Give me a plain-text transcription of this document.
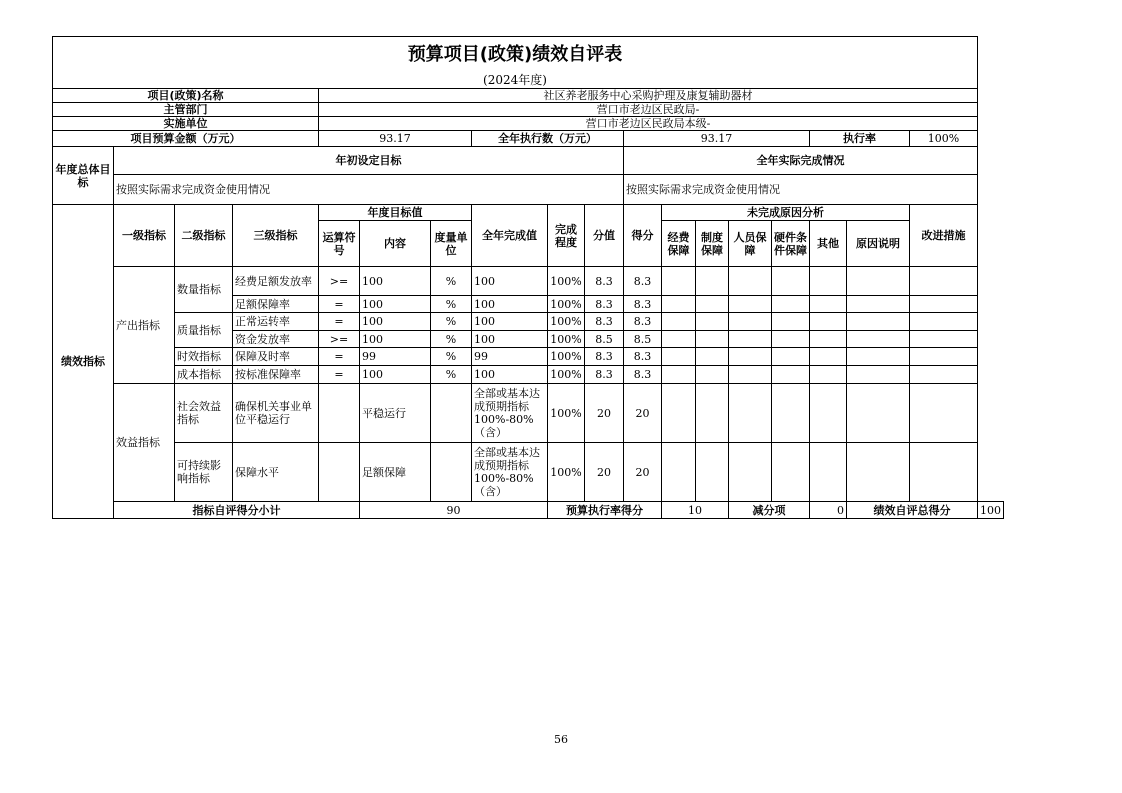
预算项目(政策)绩效自评表																		
(2024年度)																		
项目(政策)名称				社区养老服务中心采购护理及康复辅助器材														
主管部门				营口市老边区民政局-														
实施单位				营口市老边区民政局本级-														
项目预算金额（万元）				93.17			全年执行数（万元）			93.17					执行率		100%	
年度总体目标	年初设定目标									全年实际完成情况								
	按照实际需求完成资金使用情况									按照实际需求完成资金使用情况								
绩效指标	一级指标	二级指标	三级指标	年度目标值			全年完成值	完成程度	分值	得分	未完成原因分析						改进措施	
				运算符号	内容	度量单位					经费保障	制度保障	人员保障	硬件条件保障	其他	原因说明		
	产出指标	数量指标	经费足额发放率	>=	100	%	100	100%	8.3	8.3								
			足额保障率	=	100	%	100	100%	8.3	8.3								
		质量指标	正常运转率	=	100	%	100	100%	8.3	8.3								
			资金发放率	>=	100	%	100	100%	8.5	8.5								
		时效指标	保障及时率	=	99	%	99	100%	8.3	8.3								
		成本指标	按标准保障率	=	100	%	100	100%	8.3	8.3								
	效益指标	社会效益指标	确保机关事业单位平稳运行		平稳运行		全部或基本达成预期指标100%-80%（含）	100%	20	20								
		可持续影响指标	保障水平		足额保障		全部或基本达成预期指标100%-80%（含）	100%	20	20								
	指标自评得分小计				90			预算执行率得分			10		减分项		0	绩效自评总得分		100
56
